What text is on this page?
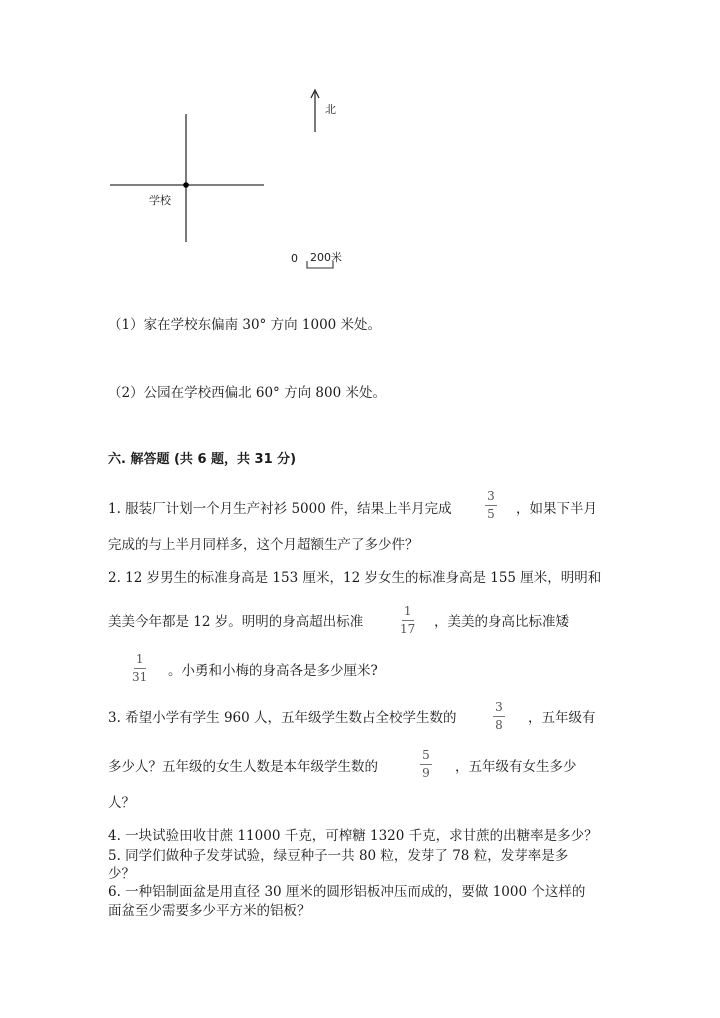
北
学校
0 200米
（1）家在学校东偏南 30° 方向 1000 米处。
（2）公园在学校西偏北 60° 方向 800 米处。
六. 解答题 (共 6 题，共 31 分)
1. 服装厂计划一个月生产衬衫 5000 件，结果上半月完成
3
5 ，如果下半月
完成的与上半月同样多，这个月超额生产了多少件？
2. 12 岁男生的标准身高是 153 厘米，12 岁女生的标准身高是 155 厘米，明明和
美美今年都是 12 岁。明明的身高超出标准
1
17 ，美美的身高比标准矮
1
31 。小勇和小梅的身高各是多少厘米?
3. 希望小学有学生 960 人，五年级学生数占全校学生数的
3
8 ，五年级有
多少人？五年级的女生人数是本年级学生数的
5
9 ，五年级有女生多少
人？
4. 一块试验田收甘蔗 11000 千克，可榨糖 1320 千克，求甘蔗的出糖率是多少？
5. 同学们做种子发芽试验，绿豆种子一共 80 粒，发芽了 78 粒，发芽率是多
少？
6. 一种铝制面盆是用直径 30 厘米的圆形铝板冲压而成的，要做 1000 个这样的
面盆至少需要多少平方米的铝板？
